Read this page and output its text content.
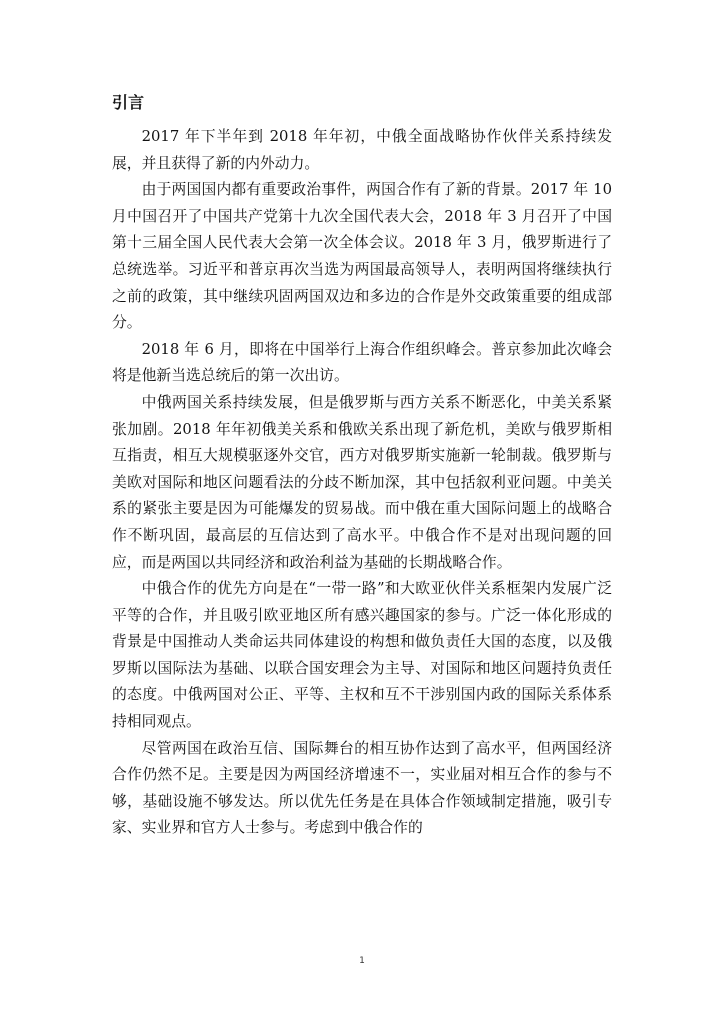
引言

2017 年下半年到 2018 年年初，中俄全面战略协作伙伴关系持续发展，并且获得了新的内外动力。

由于两国国内都有重要政治事件，两国合作有了新的背景。2017 年 10 月中国召开了中国共产党第十九次全国代表大会，2018 年 3 月召开了中国第十三届全国人民代表大会第一次全体会议。2018 年 3 月，俄罗斯进行了总统选举。习近平和普京再次当选为两国最高领导人，表明两国将继续执行之前的政策，其中继续巩固两国双边和多边的合作是外交政策重要的组成部分。

2018 年 6 月，即将在中国举行上海合作组织峰会。普京参加此次峰会将是他新当选总统后的第一次出访。

中俄两国关系持续发展，但是俄罗斯与西方关系不断恶化，中美关系紧张加剧。2018 年年初俄美关系和俄欧关系出现了新危机，美欧与俄罗斯相互指责，相互大规模驱逐外交官，西方对俄罗斯实施新一轮制裁。俄罗斯与美欧对国际和地区问题看法的分歧不断加深，其中包括叙利亚问题。中美关系的紧张主要是因为可能爆发的贸易战。而中俄在重大国际问题上的战略合作不断巩固，最高层的互信达到了高水平。中俄合作不是对出现问题的回应，而是两国以共同经济和政治利益为基础的长期战略合作。

中俄合作的优先方向是在“一带一路”和大欧亚伙伴关系框架内发展广泛平等的合作，并且吸引欧亚地区所有感兴趣国家的参与。广泛一体化形成的背景是中国推动人类命运共同体建设的构想和做负责任大国的态度，以及俄罗斯以国际法为基础、以联合国安理会为主导、对国际和地区问题持负责任的态度。中俄两国对公正、平等、主权和互不干涉别国内政的国际关系体系持相同观点。

尽管两国在政治互信、国际舞台的相互协作达到了高水平，但两国经济合作仍然不足。主要是因为两国经济增速不一，实业届对相互合作的参与不够，基础设施不够发达。所以优先任务是在具体合作领域制定措施，吸引专家、实业界和官方人士参与。考虑到中俄合作的

1
